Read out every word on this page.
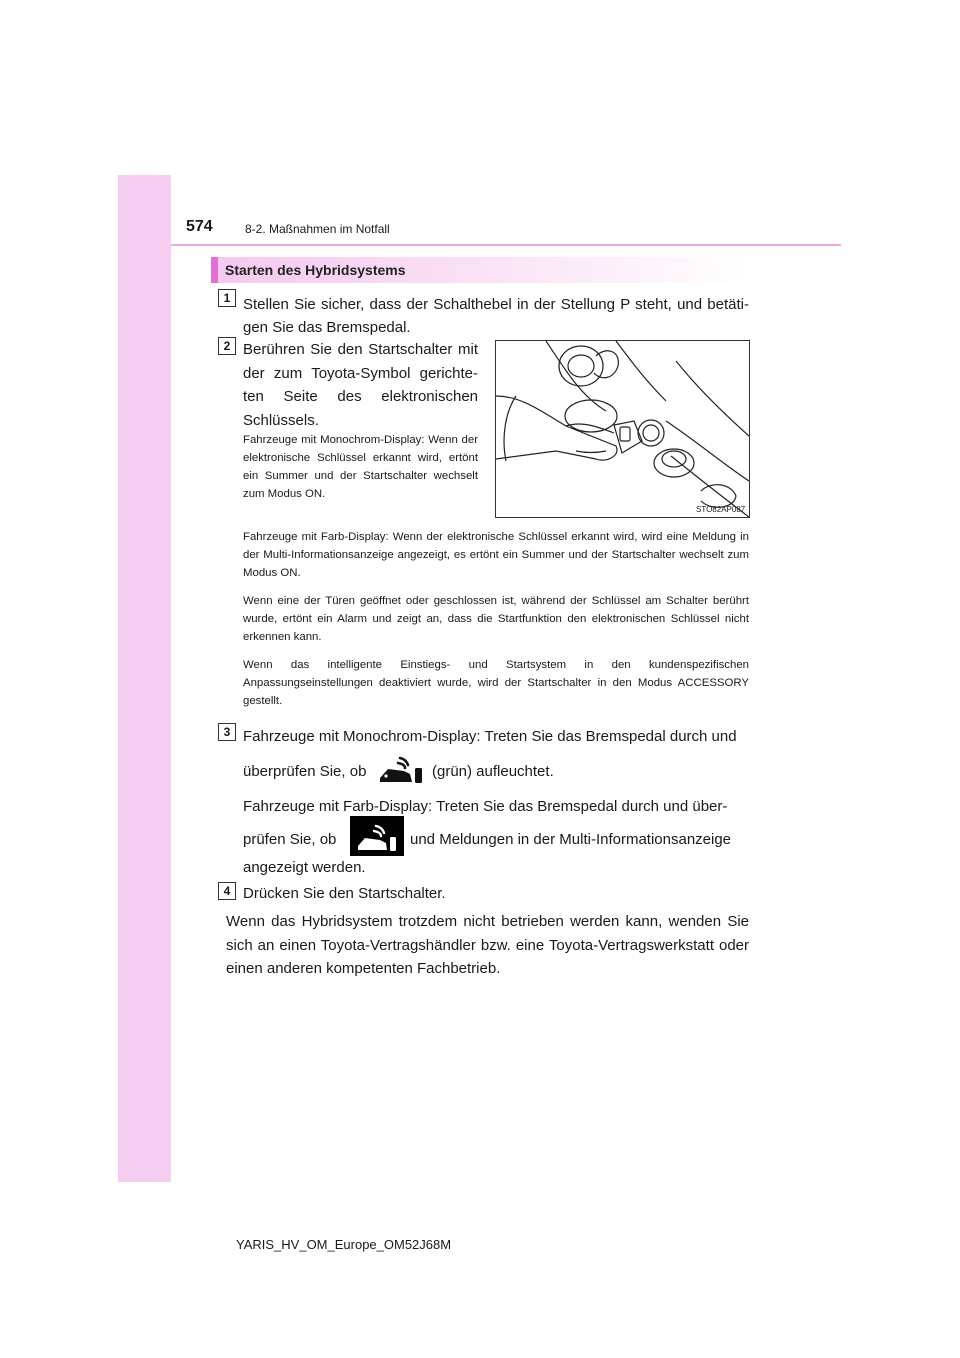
574	8-2. Maßnahmen im Notfall
Starten des Hybridsystems
1 Stellen Sie sicher, dass der Schalthebel in der Stellung P steht, und betäti-gen Sie das Bremspedal.
2 Berühren Sie den Startschalter mit der zum Toyota-Symbol gerichte-ten Seite des elektronischen Schlüssels.
Fahrzeuge mit Monochrom-Display: Wenn der elektronische Schlüssel erkannt wird, ertönt ein Summer und der Startschalter wechselt zum Modus ON.
STO82AP087
Fahrzeuge mit Farb-Display: Wenn der elektronische Schlüssel erkannt wird, wird eine Meldung in der Multi-Informationsanzeige angezeigt, es ertönt ein Summer und der Startschalter wechselt zum Modus ON.
Wenn eine der Türen geöffnet oder geschlossen ist, während der Schlüssel am Schalter berührt wurde, ertönt ein Alarm und zeigt an, dass die Startfunktion den elektronischen Schlüssel nicht erkennen kann.
Wenn das intelligente Einstiegs- und Startsystem in den kundenspezifischen Anpassungseinstellungen deaktiviert wurde, wird der Startschalter in den Modus ACCESSORY gestellt.
3 Fahrzeuge mit Monochrom-Display: Treten Sie das Bremspedal durch und
überprüfen Sie, ob	(grün) aufleuchtet.
Fahrzeuge mit Farb-Display: Treten Sie das Bremspedal durch und über-
prüfen Sie, ob	und Meldungen in der Multi-Informationsanzeige
angezeigt werden.
4 Drücken Sie den Startschalter.
Wenn das Hybridsystem trotzdem nicht betrieben werden kann, wenden Sie sich an einen Toyota-Vertragshändler bzw. eine Toyota-Vertragswerkstatt oder einen anderen kompetenten Fachbetrieb.
YARIS_HV_OM_Europe_OM52J68M
